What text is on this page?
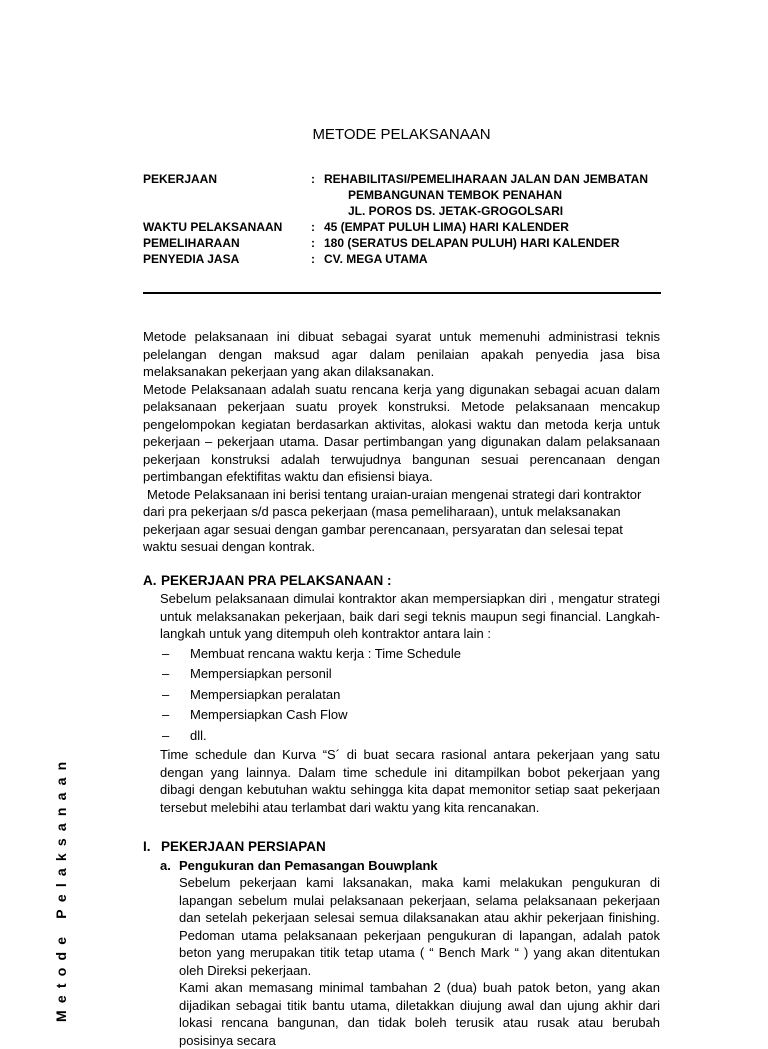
Metode Pelaksanaan
METODE PELAKSANAAN
PEKERJAAN	: REHABILITASI/PEMELIHARAAN JALAN DAN JEMBATAN
PEMBANGUNAN TEMBOK PENAHAN
JL. POROS DS. JETAK-GROGOLSARI
WAKTU PELAKSANAAN	: 45 (EMPAT PULUH LIMA) HARI KALENDER
PEMELIHARAAN	: 180 (SERATUS DELAPAN PULUH) HARI KALENDER
PENYEDIA JASA	: CV. MEGA UTAMA

Metode pelaksanaan ini dibuat sebagai syarat untuk memenuhi administrasi teknis pelelangan dengan maksud agar dalam penilaian apakah penyedia jasa bisa melaksanakan pekerjaan yang akan dilaksanakan.

Metode Pelaksanaan adalah suatu rencana kerja yang digunakan sebagai acuan dalam pelaksanaan pekerjaan suatu proyek konstruksi. Metode pelaksanaan mencakup pengelompokan kegiatan berdasarkan aktivitas, alokasi waktu dan metoda kerja untuk pekerjaan – pekerjaan utama. Dasar pertimbangan yang digunakan dalam pelaksanaan pekerjaan konstruksi adalah terwujudnya bangunan sesuai perencanaan dengan pertimbangan efektifitas waktu dan efisiensi biaya.

Metode Pelaksanaan ini berisi tentang uraian-uraian mengenai strategi dari kontraktor dari pra pekerjaan s/d pasca pekerjaan (masa pemeliharaan), untuk melaksanakan pekerjaan agar sesuai dengan gambar perencanaan, persyaratan dan selesai tepat waktu sesuai dengan kontrak.

A. PEKERJAAN PRA PELAKSANAAN :

Sebelum pelaksanaan dimulai kontraktor akan mempersiapkan diri , mengatur strategi untuk melaksanakan pekerjaan, baik dari segi teknis maupun segi financial. Langkah-langkah untuk yang ditempuh oleh kontraktor antara lain :

–	Membuat rencana waktu kerja : Time Schedule
–	Mempersiapkan personil
–	Mempersiapkan peralatan
–	Mempersiapkan Cash Flow
–	dll.

Time schedule dan Kurva “S´ di buat secara rasional antara pekerjaan yang satu dengan yang lainnya. Dalam time schedule ini ditampilkan bobot pekerjaan yang dibagi dengan kebutuhan waktu sehingga kita dapat memonitor setiap saat pekerjaan tersebut melebihi atau terlambat dari waktu yang kita rencanakan.

I. PEKERJAAN PERSIAPAN
a. Pengukuran dan Pemasangan Bouwplank

Sebelum pekerjaan kami laksanakan, maka kami melakukan pengukuran di lapangan sebelum mulai pelaksanaan pekerjaan, selama pelaksanaan pekerjaan dan setelah pekerjaan selesai semua dilaksanakan atau akhir pekerjaan finishing. Pedoman utama pelaksanaan pekerjaan pengukuran di lapangan, adalah patok beton yang merupakan titik tetap utama ( “ Bench Mark “ ) yang akan ditentukan oleh Direksi pekerjaan.

Kami akan memasang minimal tambahan 2 (dua) buah patok beton, yang akan dijadikan sebagai titik bantu utama, diletakkan diujung awal dan ujung akhir dari lokasi rencana bangunan, dan tidak boleh terusik atau rusak atau berubah posisinya secara
